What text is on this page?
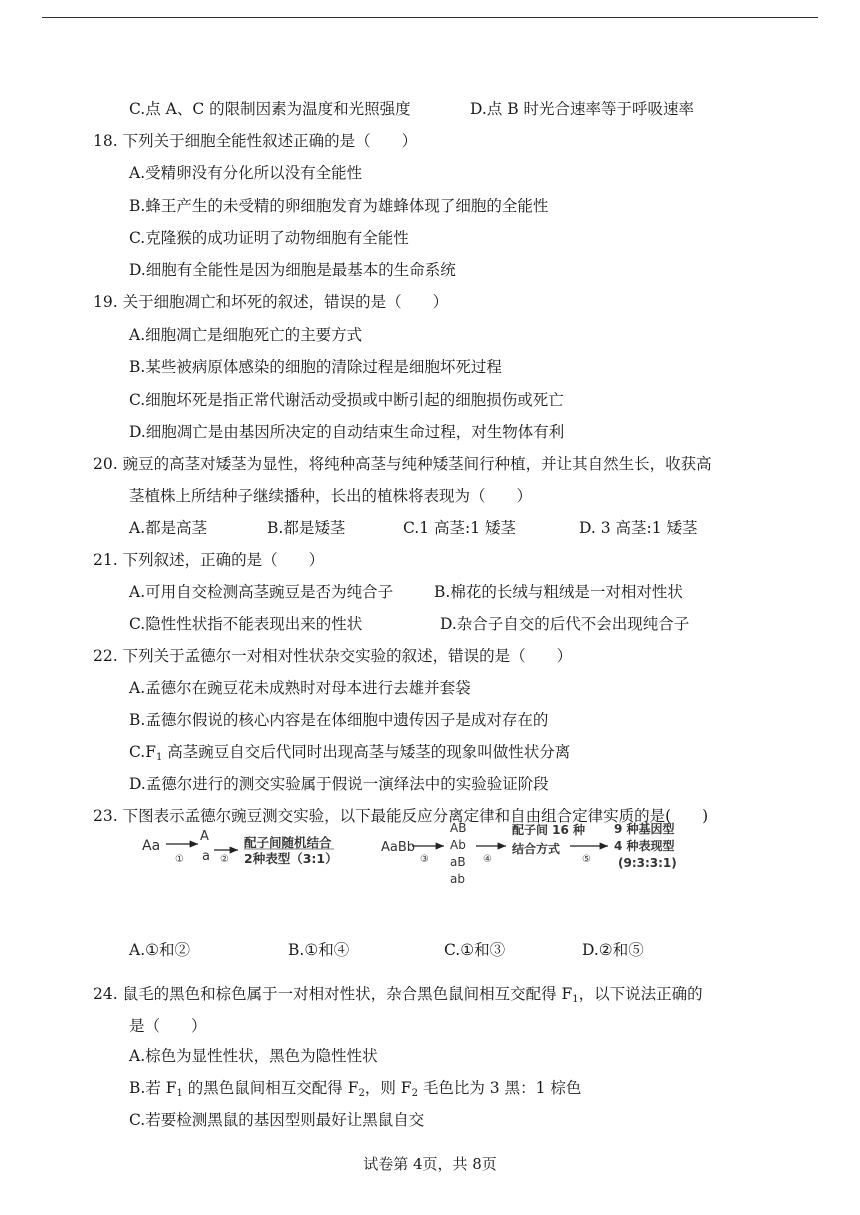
C.点 A、C 的限制因素为温度和光照强度	D.点 B 时光合速率等于呼吸速率
18. 下列关于细胞全能性叙述正确的是（　　）
A.受精卵没有分化所以没有全能性
B.蜂王产生的未受精的卵细胞发育为雄蜂体现了细胞的全能性
C.克隆猴的成功证明了动物细胞有全能性
D.细胞有全能性是因为细胞是最基本的生命系统
19. 关于细胞凋亡和坏死的叙述，错误的是（　　）
A.细胞凋亡是细胞死亡的主要方式
B.某些被病原体感染的细胞的清除过程是细胞坏死过程
C.细胞坏死是指正常代谢活动受损或中断引起的细胞损伤或死亡
D.细胞凋亡是由基因所决定的自动结束生命过程，对生物体有利
20. 豌豆的高茎对矮茎为显性，将纯种高茎与纯种矮茎间行种植，并让其自然生长，收获高
茎植株上所结种子继续播种，长出的植株将表现为（　　）
A.都是高茎	B.都是矮茎	C.1 高茎:1 矮茎	D. 3 高茎:1 矮茎
21. 下列叙述，正确的是（　　）
A.可用自交检测高茎豌豆是否为纯合子	B.棉花的长绒与粗绒是一对相对性状
C.隐性性状指不能表现出来的性状	D.杂合子自交的后代不会出现纯合子
22. 下列关于孟德尔一对相对性状杂交实验的叙述，错误的是（　　）
A.孟德尔在豌豆花未成熟时对母本进行去雄并套袋
B.孟德尔假说的核心内容是在体细胞中遗传因子是成对存在的
$C.F_1$ 高茎豌豆自交后代同时出现高茎与矮茎的现象叫做性状分离
D.孟德尔进行的测交实验属于假说一演绎法中的实验验证阶段
23. 下图表示孟德尔豌豆测交实验，以下最能反应分离定律和自由组合定律实质的是(　　)
Aa
①
A
a ②
配子间随机结合
2种表型（3:1）
AaBb
③
AB
Ab
aB
ab
④
配子间 16 种
结合方式
⑤
9 种基因型
4 种表现型
(9:3:3:1)
A.①和②	B.①和④	C.①和③	D.②和⑤
24. 鼠毛的黑色和棕色属于一对相对性状，杂合黑色鼠间相互交配得 $F_1$，以下说法正确的
是（　　）
A.棕色为显性性状，黑色为隐性性状
B.若 $F_1$ 的黑色鼠间相互交配得 $F_2$，则 $F_2$ 毛色比为 3 黑：1 棕色
C.若要检测黑鼠的基因型则最好让黑鼠自交
试卷第 4页，共 8页
